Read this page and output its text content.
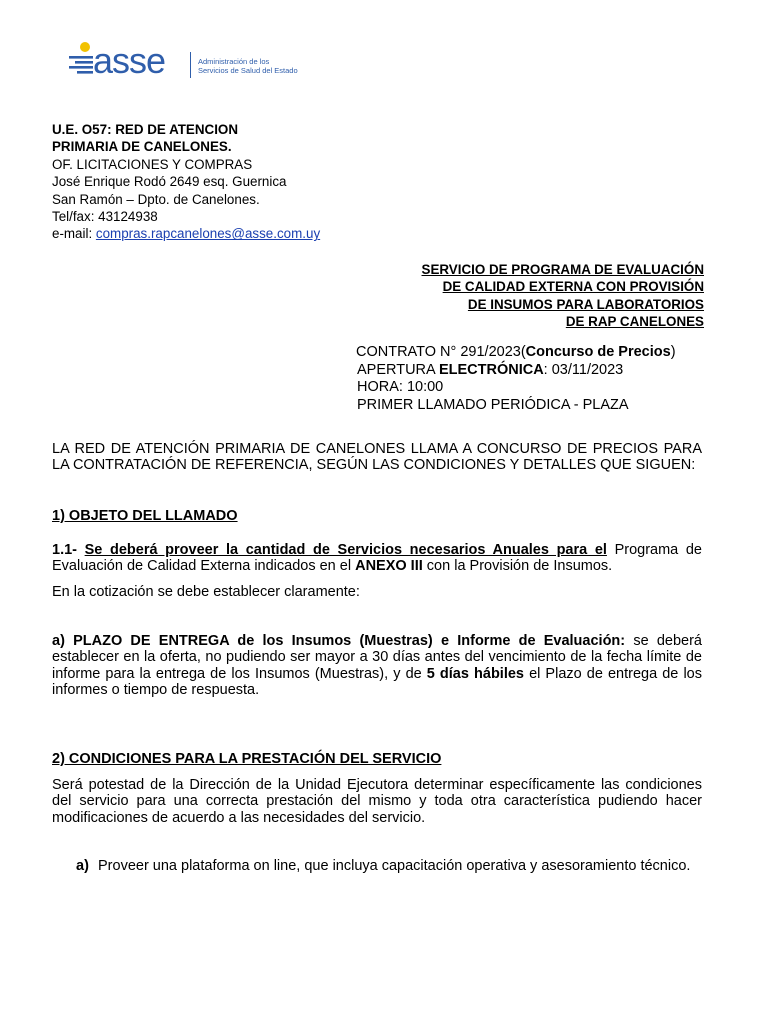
asse	Administración de los
Servicios de Salud del Estado
U.E. O57: RED DE ATENCION
PRIMARIA DE CANELONES.
OF. LICITACIONES Y COMPRAS
José Enrique Rodó 2649 esq. Guernica
San Ramón – Dpto. de Canelones.
Tel/fax: 43124938
e-mail: compras.rapcanelones@asse.com.uy
SERVICIO DE PROGRAMA DE EVALUACIÓN
DE CALIDAD EXTERNA CON PROVISIÓN
DE INSUMOS PARA LABORATORIOS
DE RAP CANELONES
CONTRATO N° 291/2023(Concurso de Precios)
APERTURA ELECTRÓNICA: 03/11/2023
HORA: 10:00
PRIMER LLAMADO PERIÓDICA - PLAZA
LA RED DE ATENCIÓN PRIMARIA DE CANELONES LLAMA A CONCURSO DE PRECIOS PARA LA CONTRATACIÓN DE REFERENCIA, SEGÚN LAS CONDICIONES Y DETALLES QUE SIGUEN:
1) OBJETO DEL LLAMADO
1.1- Se deberá proveer la cantidad de Servicios necesarios Anuales para el Programa de Evaluación de Calidad Externa indicados en el ANEXO III con la Provisión de Insumos.
En la cotización se debe establecer claramente:
a) PLAZO DE ENTREGA de los Insumos (Muestras) e Informe de Evaluación: se deberá establecer en la oferta, no pudiendo ser mayor a 30 días antes del vencimiento de la fecha límite de informe para la entrega de los Insumos (Muestras), y de 5 días hábiles el Plazo de entrega de los informes o tiempo de respuesta.
2) CONDICIONES PARA LA PRESTACIÓN DEL SERVICIO
Será potestad de la Dirección de la Unidad Ejecutora determinar específicamente las condiciones del servicio para una correcta prestación del mismo y toda otra característica pudiendo hacer modificaciones de acuerdo a las necesidades del servicio.
a) Proveer una plataforma on line, que incluya capacitación operativa y asesoramiento técnico.
